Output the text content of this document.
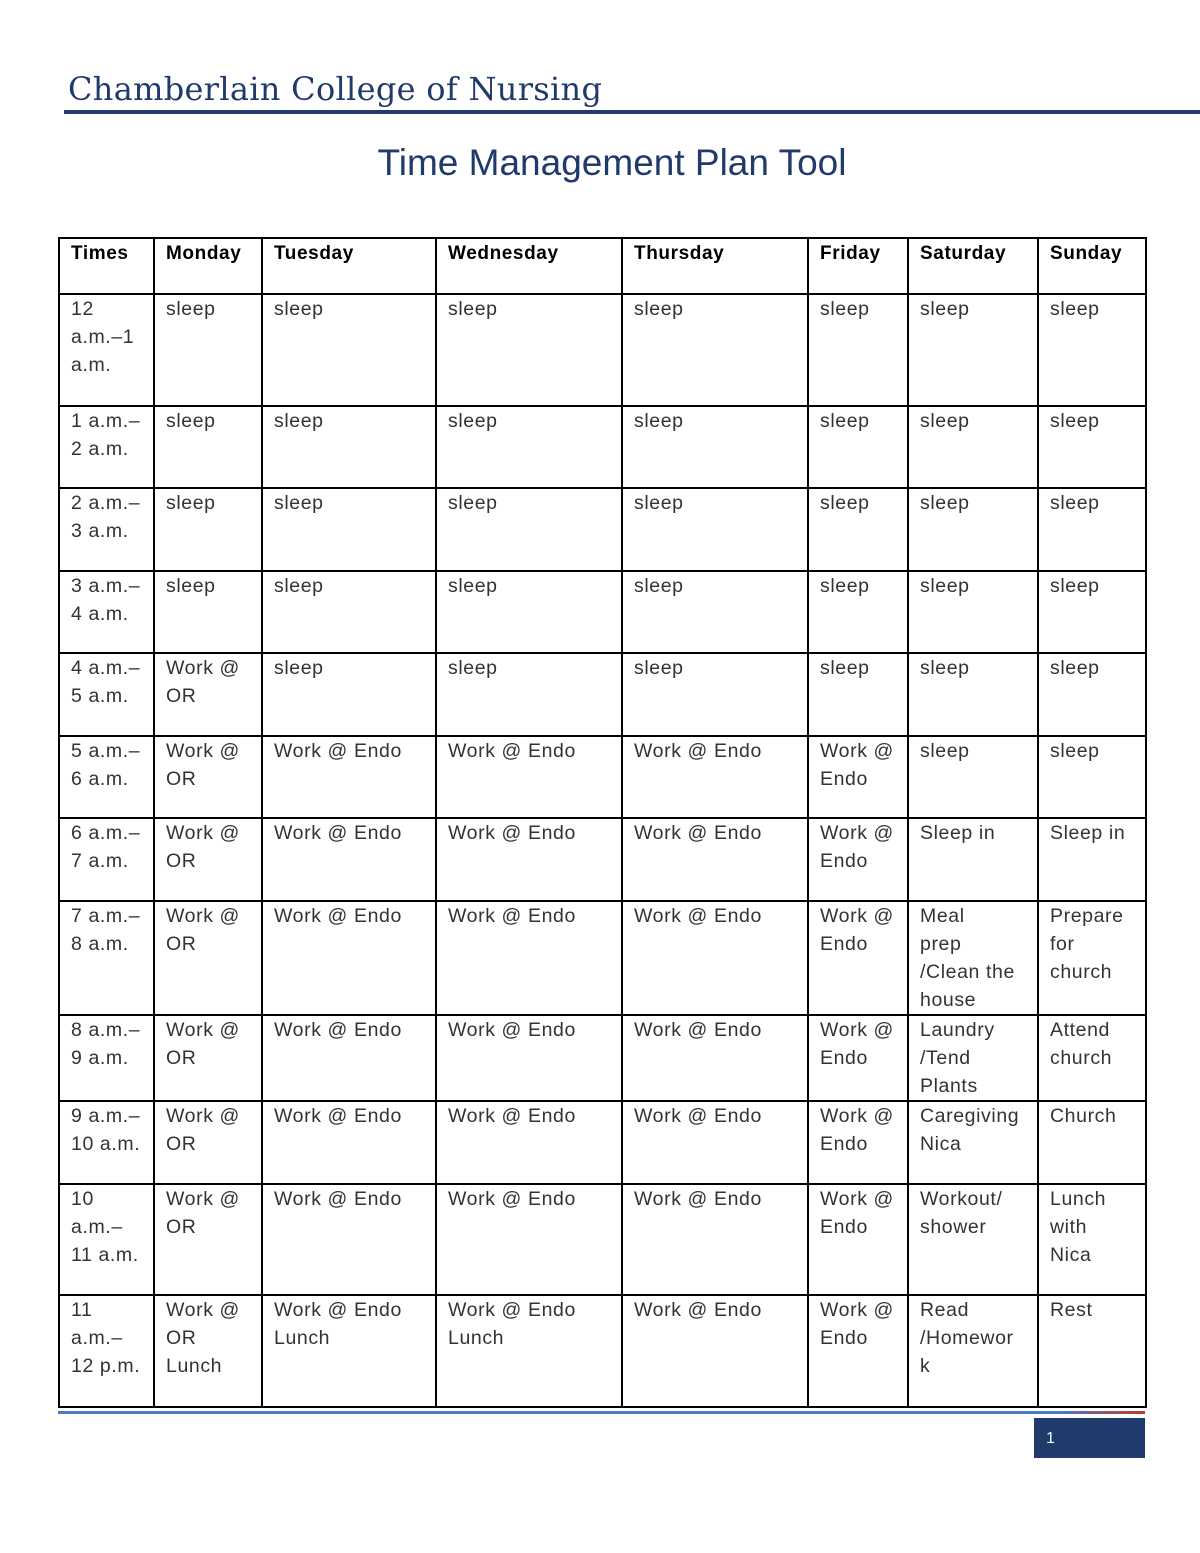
Chamberlain College of Nursing
Time Management Plan Tool
Times	Monday	Tuesday	Wednesday	Thursday	Friday	Saturday	Sunday

12
a.m.–1
a.m.	sleep	sleep	sleep	sleep	sleep	sleep	sleep

1 a.m.–
2 a.m.	sleep	sleep	sleep	sleep	sleep	sleep	sleep

2 a.m.–
3 a.m.	sleep	sleep	sleep	sleep	sleep	sleep	sleep

3 a.m.–
4 a.m.	sleep	sleep	sleep	sleep	sleep	sleep	sleep

4 a.m.–
5 a.m.	Work @
OR	sleep	sleep	sleep	sleep	sleep	sleep

5 a.m.–
6 a.m.	Work @
OR	Work @ Endo	Work @ Endo	Work @ Endo	Work @
Endo	sleep	sleep

6 a.m.–
7 a.m.	Work @
OR	Work @ Endo	Work @ Endo	Work @ Endo	Work @
Endo	Sleep in	Sleep in

7 a.m.–
8 a.m.	Work @
OR	Work @ Endo	Work @ Endo	Work @ Endo	Work @
Endo	Meal
prep
/Clean the
house	Prepare
for
church

8 a.m.–
9 a.m.	Work @
OR	Work @ Endo	Work @ Endo	Work @ Endo	Work @
Endo	Laundry
/Tend
Plants	Attend
church

9 a.m.–
10 a.m.	Work @
OR	Work @ Endo	Work @ Endo	Work @ Endo	Work @
Endo	Caregiving
Nica	Church

10
a.m.–
11 a.m.	Work @
OR	Work @ Endo	Work @ Endo	Work @ Endo	Work @
Endo	Workout/
shower	Lunch
with
Nica

11
a.m.–
12 p.m.	Work @
OR
Lunch	Work @ Endo
Lunch	Work @ Endo
Lunch	Work @ Endo	Work @
Endo	Read
/Homewor
k	Rest
1
